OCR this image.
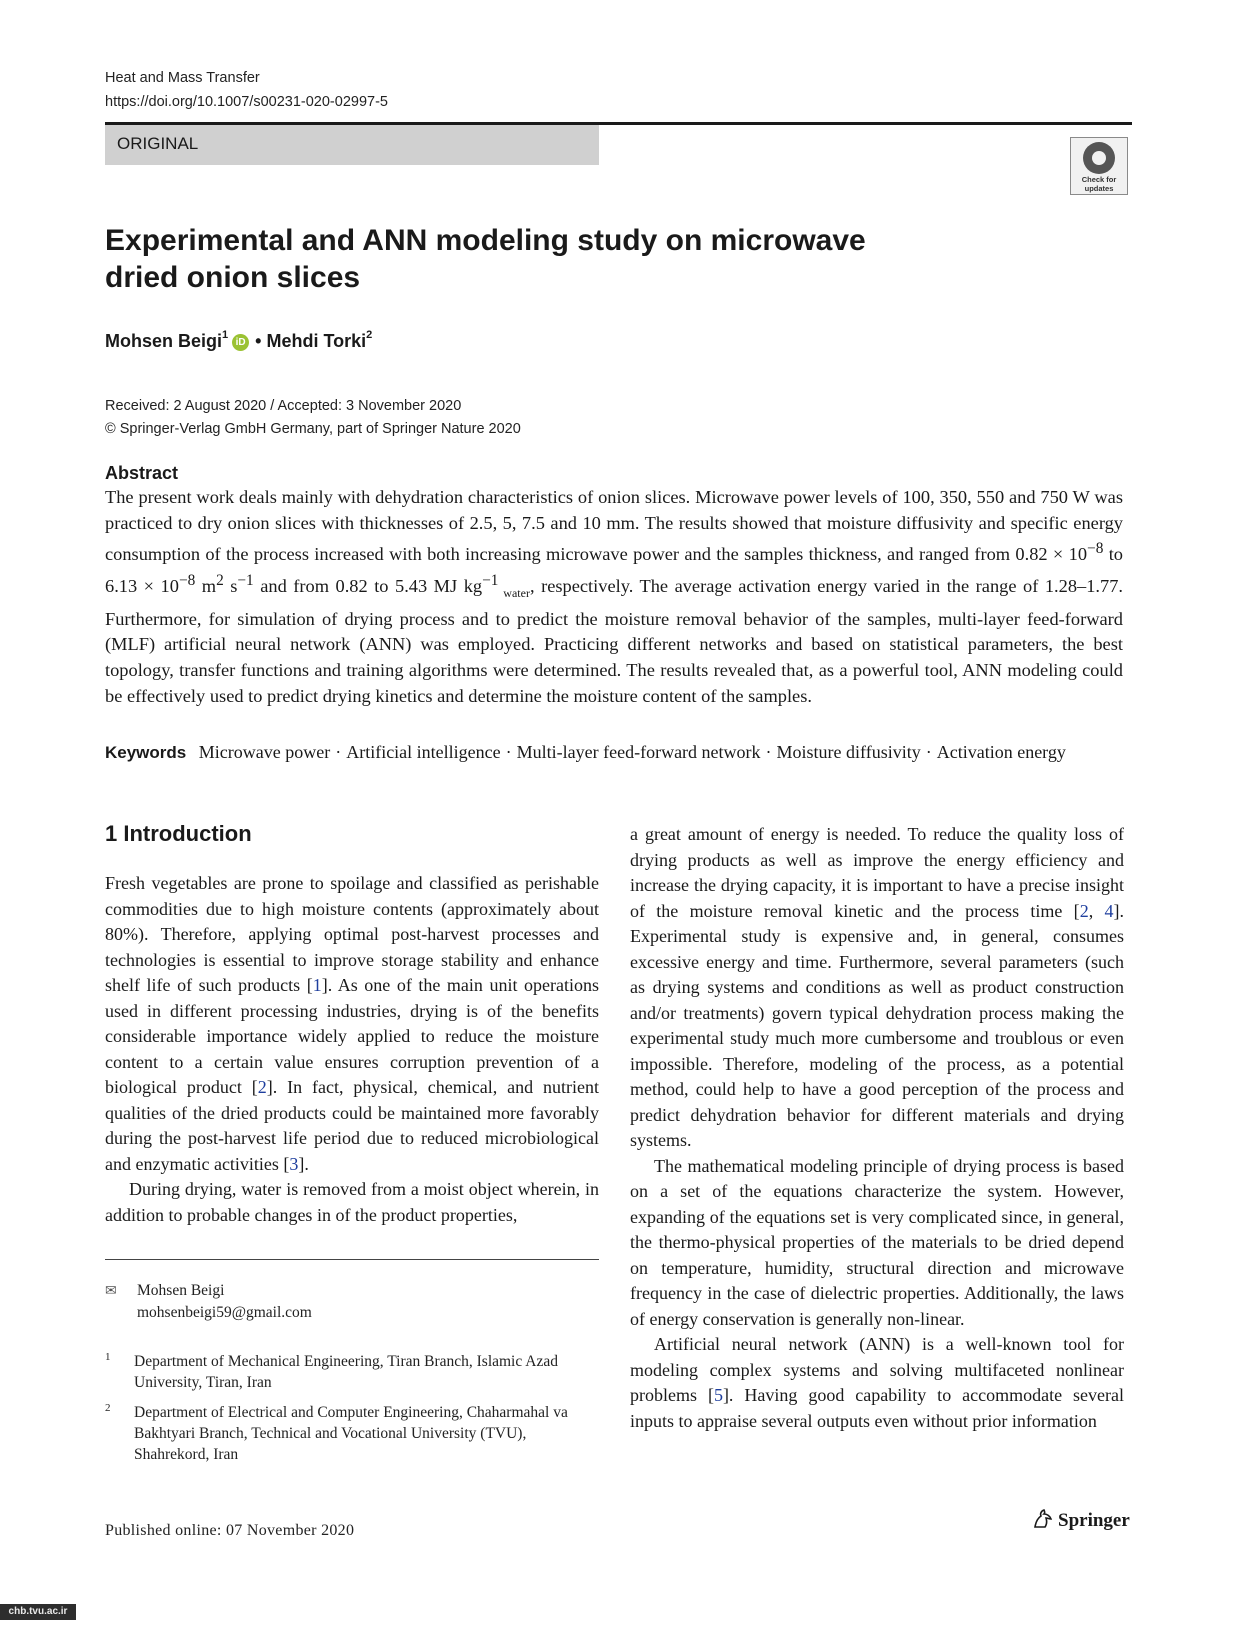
Heat and Mass Transfer
https://doi.org/10.1007/s00231-020-02997-5
ORIGINAL
Check for updates
Experimental and ANN modeling study on microwave dried onion slices
Mohsen Beigi$^1$iD • Mehdi Torki$^2$
Received: 2 August 2020 / Accepted: 3 November 2020
© Springer-Verlag GmbH Germany, part of Springer Nature 2020
Abstract
The present work deals mainly with dehydration characteristics of onion slices. Microwave power levels of 100, 350, 550 and 750 W was practiced to dry onion slices with thicknesses of 2.5, 5, 7.5 and 10 mm. The results showed that moisture diffusivity and specific energy consumption of the process increased with both increasing microwave power and the samples thickness, and ranged from $0.82 \times 10^{-8}$ to $6.13 \times 10^{-8}$ $m^2$ $s^{-1}$ and from 0.82 to 5.43 MJ $kg^{-1}$ $_{water}$, respectively. The average activation energy varied in the range of 1.28–1.77. Furthermore, for simulation of drying process and to predict the moisture removal behavior of the samples, multi-layer feed-forward (MLF) artificial neural network (ANN) was employed. Practicing different networks and based on statistical parameters, the best topology, transfer functions and training algorithms were determined. The results revealed that, as a powerful tool, ANN modeling could be effectively used to predict drying kinetics and determine the moisture content of the samples.
Keywords Microwave power · Artificial intelligence · Multi-layer feed-forward network · Moisture diffusivity · Activation energy
1 Introduction

Fresh vegetables are prone to spoilage and classified as perishable commodities due to high moisture contents (approximately about 80%). Therefore, applying optimal post-harvest processes and technologies is essential to improve storage stability and enhance shelf life of such products [1]. As one of the main unit operations used in different processing industries, drying is of the benefits considerable importance widely applied to reduce the moisture content to a certain value ensures corruption prevention of a biological product [2]. In fact, physical, chemical, and nutrient qualities of the dried products could be maintained more favorably during the post-harvest life period due to reduced microbiological and enzymatic activities [3].

During drying, water is removed from a moist object wherein, in addition to probable changes in of the product properties,

a great amount of energy is needed. To reduce the quality loss of drying products as well as improve the energy efficiency and increase the drying capacity, it is important to have a precise insight of the moisture removal kinetic and the process time [2, 4]. Experimental study is expensive and, in general, consumes excessive energy and time. Furthermore, several parameters (such as drying systems and conditions as well as product construction and/or treatments) govern typical dehydration process making the experimental study much more cumbersome and troublous or even impossible. Therefore, modeling of the process, as a potential method, could help to have a good perception of the process and predict dehydration behavior for different materials and drying systems.

The mathematical modeling principle of drying process is based on a set of the equations characterize the system. However, expanding of the equations set is very complicated since, in general, the thermo-physical properties of the materials to be dried depend on temperature, humidity, structural direction and microwave frequency in the case of dielectric properties. Additionally, the laws of energy conservation is generally non-linear.

Artificial neural network (ANN) is a well-known tool for modeling complex systems and solving multifaceted nonlinear problems [5]. Having good capability to accommodate several inputs to appraise several outputs even without prior information

✉ Mohsen Beigi
mohsenbeigi59@gmail.com
1	Department of Mechanical Engineering, Tiran Branch, Islamic Azad University, Tiran, Iran
2	Department of Electrical and Computer Engineering, Chaharmahal va Bakhtyari Branch, Technical and Vocational University (TVU), Shahrekord, Iran
Published online: 07 November 2020	Springer
chb.tvu.ac.ir
